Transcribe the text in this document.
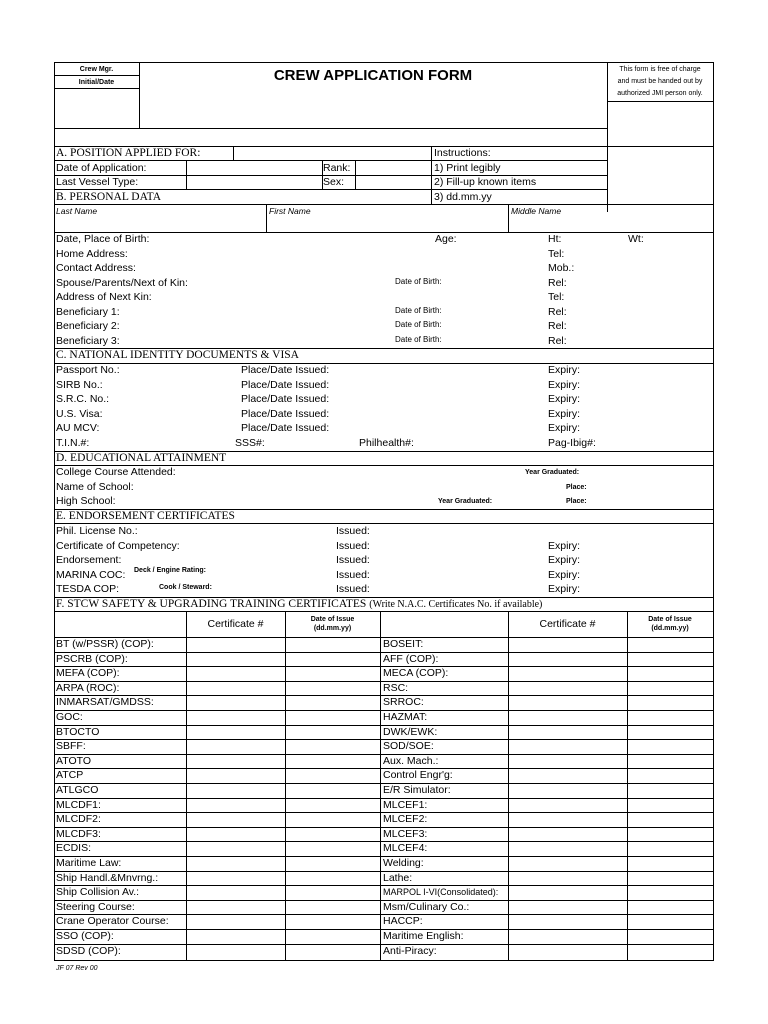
Crew Mgr.
Initial/Date	CREW APPLICATION FORM	This form is free of charge
and must be handed out by
authorized JMI person only.
A. POSITION APPLIED FOR:
Date of Application:	Rank:
Last Vessel Type:	Sex:
Instructions:
1) Print legibly
2) Fill-up known items
3) dd.mm.yy
B. PERSONAL DATA
Last Name	First Name	Middle Name
Date, Place of Birth:	Age:	Ht:	Wt:
Home Address:	Tel:
Contact Address:	Mob.:
Spouse/Parents/Next of Kin:	Date of Birth:	Rel:
Address of Next Kin:	Tel:
Beneficiary 1:	Date of Birth:	Rel:
Beneficiary 2:	Date of Birth:	Rel:
Beneficiary 3:	Date of Birth:	Rel:
C. NATIONAL IDENTITY DOCUMENTS & VISA
Passport No.:	Place/Date Issued:	Expiry:
SIRB No.:	Place/Date Issued:	Expiry:
S.R.C. No.:	Place/Date Issued:	Expiry:
U.S. Visa:	Place/Date Issued:	Expiry:
AU MCV:	Place/Date Issued:	Expiry:
T.I.N.#:	SSS#:	Philhealth#:	Pag-Ibig#:
D. EDUCATIONAL ATTAINMENT
College Course Attended:	Year Graduated:
Name of School:	Place:
High School:	Year Graduated:	Place:
E. ENDORSEMENT CERTIFICATES
Phil. License No.:	Issued:
Certificate of Competency:	Issued:	Expiry:
Endorsement:	Issued:	Expiry:
MARINA COC: Deck / Engine Rating:	Issued:	Expiry:
TESDA COP:	Cook / Steward:	Issued:	Expiry:
F. STCW SAFETY & UPGRADING TRAINING CERTIFICATES (Write N.A.C. Certificates No. if available)
Certificate #	Date of Issue
(dd.mm.yy)	Certificate #	Date of Issue
(dd.mm.yy)
BT (w/PSSR) (COP):	BOSEIT:
PSCRB (COP):	AFF (COP):
MEFA (COP):	MECA (COP):
ARPA (ROC):	RSC:
INMARSAT/GMDSS:	SRROC:
GOC:	HAZMAT:
BTOCTO	DWK/EWK:
SBFF:	SOD/SOE:
ATOTO	Aux. Mach.:
ATCP	Control Engr'g:
ATLGCO	E/R Simulator:
MLCDF1:	MLCEF1:
MLCDF2:	MLCEF2:
MLCDF3:	MLCEF3:
ECDIS:	MLCEF4:
Maritime Law:	Welding:
Ship Handl.&Mnvrng.:	Lathe:
Ship Collision Av.:	MARPOL I-VI(Consolidated):
Steering Course:	Msm/Culinary Co.:
Crane Operator Course:	HACCP:
SSO (COP):	Maritime English:
SDSD (COP):	Anti-Piracy:
JF 07 Rev 00
